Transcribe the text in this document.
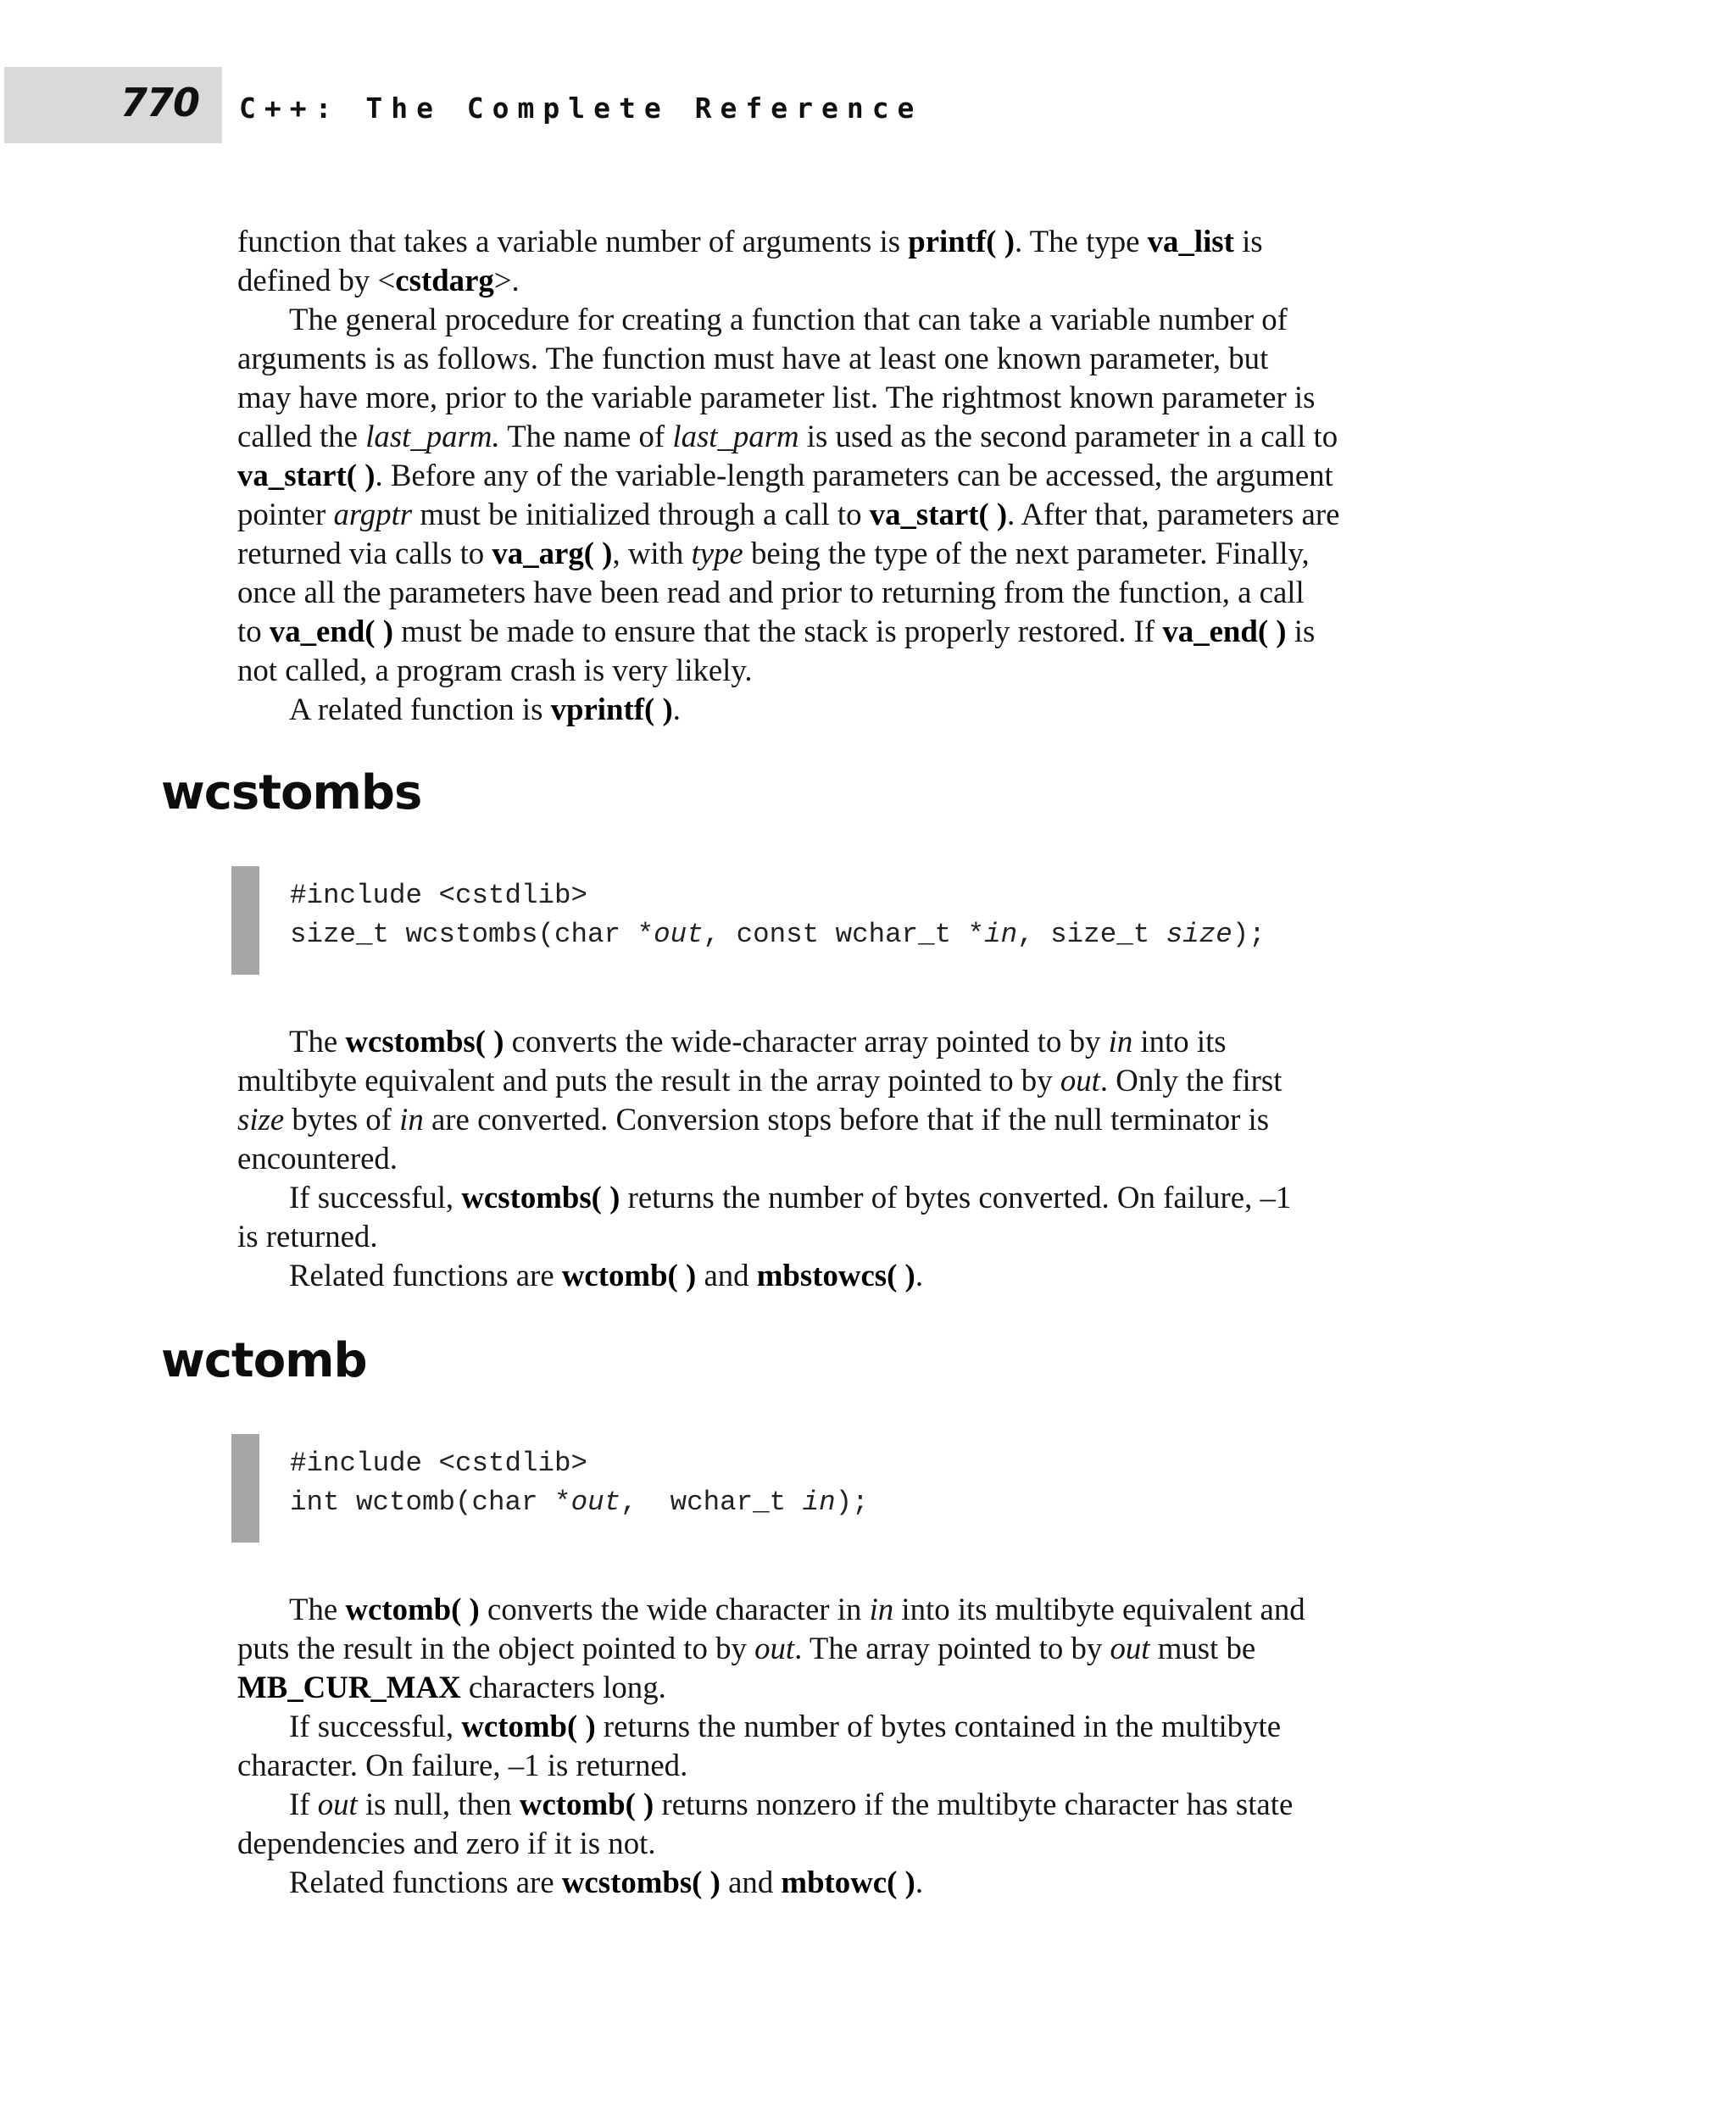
770 C++: The Complete Reference

function that takes a variable number of arguments is printf( ). The type va_list is

defined by <cstdarg>.

The general procedure for creating a function that can take a variable number of

arguments is as follows. The function must have at least one known parameter, but

may have more, prior to the variable parameter list. The rightmost known parameter is

called the last_parm. The name of last_parm is used as the second parameter in a call to

va_start( ). Before any of the variable-length parameters can be accessed, the argument

pointer argptr must be initialized through a call to va_start( ). After that, parameters are

returned via calls to va_arg( ), with type being the type of the next parameter. Finally,

once all the parameters have been read and prior to returning from the function, a call

to va_end( ) must be made to ensure that the stack is properly restored. If va_end( ) is

not called, a program crash is very likely.

A related function is vprintf( ).

wcstombs
#include <cstdlib>
size_t wcstombs(char *out, const wchar_t *in, size_t size);

The wcstombs( ) converts the wide-character array pointed to by in into its

multibyte equivalent and puts the result in the array pointed to by out. Only the first

size bytes of in are converted. Conversion stops before that if the null terminator is

encountered.

If successful, wcstombs( ) returns the number of bytes converted. On failure, –1

is returned.

Related functions are wctomb( ) and mbstowcs( ).

wctomb
#include <cstdlib>
int wctomb(char *out,  wchar_t in);

The wctomb( ) converts the wide character in in into its multibyte equivalent and

puts the result in the object pointed to by out. The array pointed to by out must be

MB_CUR_MAX characters long.

If successful, wctomb( ) returns the number of bytes contained in the multibyte

character. On failure, –1 is returned.

If out is null, then wctomb( ) returns nonzero if the multibyte character has state

dependencies and zero if it is not.

Related functions are wcstombs( ) and mbtowc( ).
